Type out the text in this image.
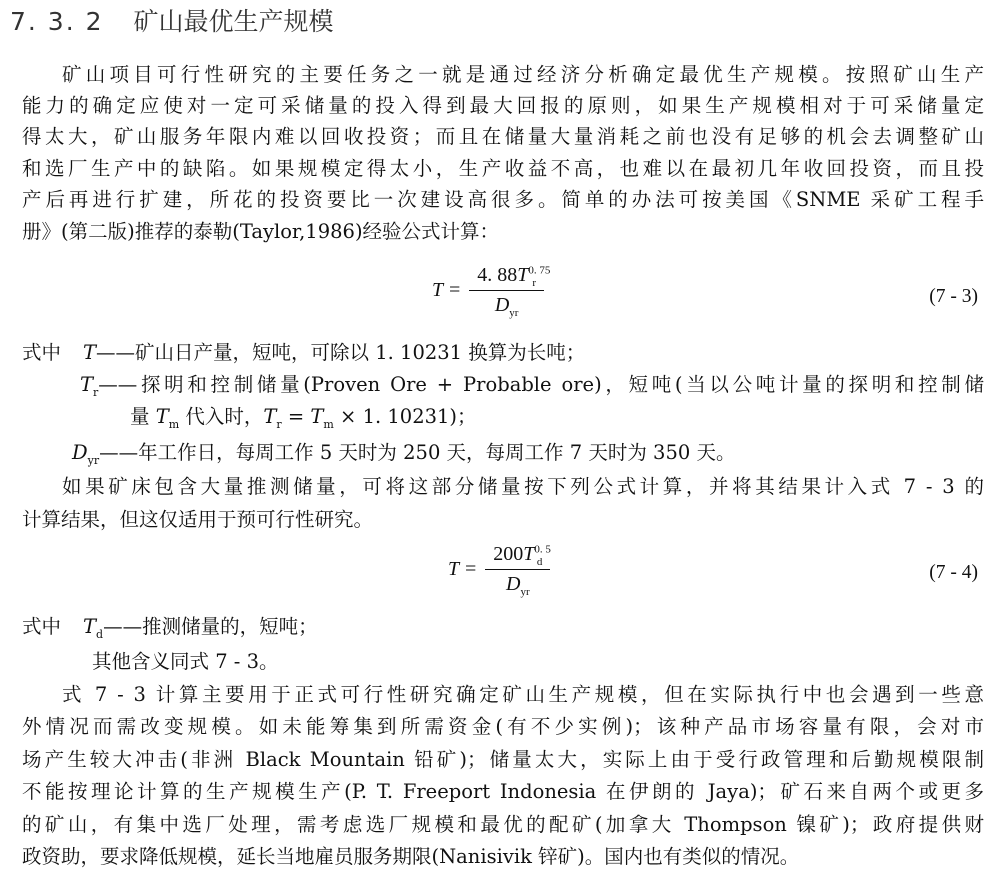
7. 3. 2 矿山最优生产规模
矿山项目可行性研究的主要任务之一就是通过经济分析确定最优生产规模。按照矿山生产
能力的确定应使对一定可采储量的投入得到最大回报的原则，如果生产规模相对于可采储量定
得太大，矿山服务年限内难以回收投资；而且在储量大量消耗之前也没有足够的机会去调整矿山
和选厂生产中的缺陷。如果规模定得太小，生产收益不高，也难以在最初几年收回投资，而且投
产后再进行扩建，所花的投资要比一次建设高很多。简单的办法可按美国《SNME 采矿工程手
册》(第二版)推荐的泰勒(Taylor,1986)经验公式计算：
$T = \frac{4. 88T^{0. 75}_r}{D_{yr}}$	(7 - 3)
式中 T——矿山日产量，短吨，可除以 1. 10231 换算为长吨；
$T_r——$探明和控制储量(Proven Ore + Probable ore)，短吨(当以公吨计量的探明和控制储
量 $T_m$ 代入时，$T_r = T_m \times 1$. 10231)；
$D_{yr}——$年工作日，每周工作 5 天时为 250 天，每周工作 7 天时为 350 天。
如果矿床包含大量推测储量，可将这部分储量按下列公式计算，并将其结果计入式 7 - 3 的
计算结果，但这仅适用于预可行性研究。
$T = \frac{200T^{0. 5}_d}{D_{yr}}$	(7 - 4)
式中 $T_d——$推测储量的，短吨；
其他含义同式 7 - 3。
式 7 - 3 计算主要用于正式可行性研究确定矿山生产规模，但在实际执行中也会遇到一些意
外情况而需改变规模。如未能筹集到所需资金(有不少实例)；该种产品市场容量有限，会对市
场产生较大冲击(非洲 Black Mountain 铅矿)；储量太大，实际上由于受行政管理和后勤规模限制
不能按理论计算的生产规模生产(P. T. Freeport Indonesia 在伊朗的 Jaya)；矿石来自两个或更多
的矿山，有集中选厂处理，需考虑选厂规模和最优的配矿(加拿大 Thompson 镍矿)；政府提供财
政资助，要求降低规模，延长当地雇员服务期限(Nanisivik 锌矿)。国内也有类似的情况。
